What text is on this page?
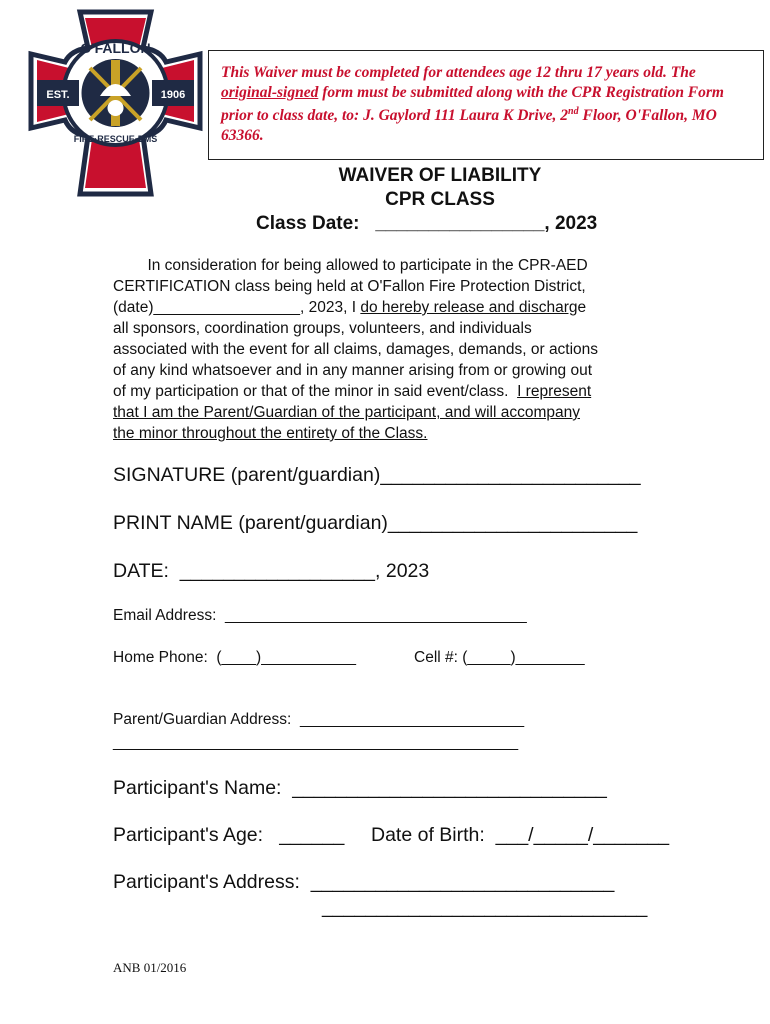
O'FALLON
EST.	1906
FIRE·RESCUE·EMS
This Waiver must be completed for attendees age 12 thru 17 years old. The original-signed form must be submitted along with the CPR Registration Form prior to class date, to: J. Gaylord 111 Laura K Drive, 2nd Floor, O'Fallon, MO 63366.
WAIVER OF LIABILITY
CPR CLASS
Class Date:   ________________, 2023
In consideration for being allowed to participate in the CPR-AED
CERTIFICATION class being held at O'Fallon Fire Protection District,
(date)_________________, 2023, I do hereby release and discharge
all sponsors, coordination groups, volunteers, and individuals
associated with the event for all claims, damages, demands, or actions
of any kind whatsoever and in any manner arising from or growing out
of my participation or that of the minor in said event/class.  I represent
that I am the Parent/Guardian of the participant, and will accompany
the minor throughout the entirety of the Class.
SIGNATURE (parent/guardian)________________________
PRINT NAME (parent/guardian)_______________________
DATE:  __________________, 2023
Email Address:  ___________________________________
Home Phone:  (____)___________	Cell #: (_____)________
Parent/Guardian Address:  __________________________
_______________________________________________
Participant's Name:  _____________________________
Participant's Age:   ______ Date of Birth:  ___/_____/_______
Participant's Address:  ____________________________
______________________________
ANB 01/2016
